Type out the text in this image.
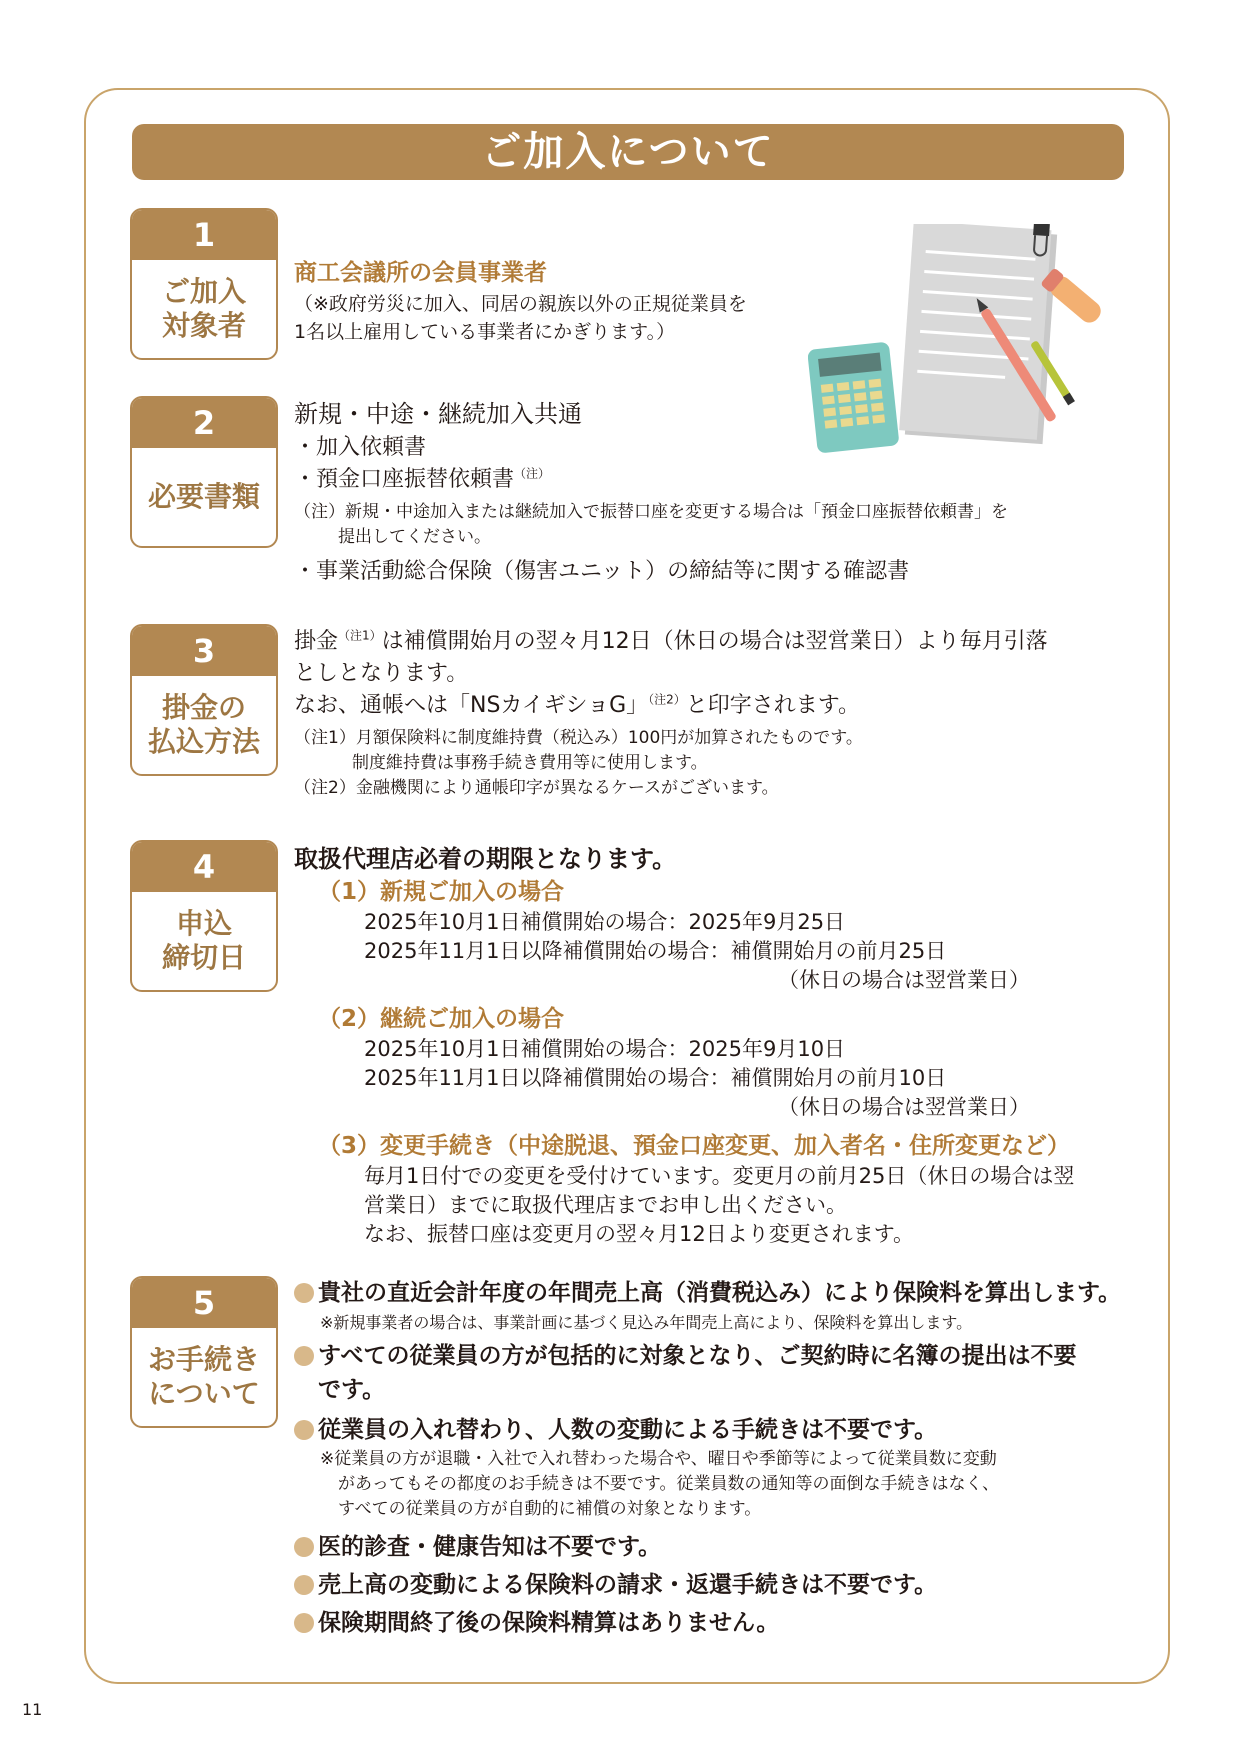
ご加入について
1
ご加入
対象者
商工会議所の会員事業者
（※政府労災に加入、同居の親族以外の正規従業員を
1名以上雇用している事業者にかぎります。）
2
必要書類
新規・中途・継続加入共通
・加入依頼書
・預金口座振替依頼書$^{(注)}$
（注）新規・中途加入または継続加入で振替口座を変更する場合は「預金口座振替依頼書」を
提出してください。
・事業活動総合保険（傷害ユニット）の締結等に関する確認書
3
掛金の
払込方法
掛金$^{(注1)}$は補償開始月の翌々月12日（休日の場合は翌営業日）より毎月引落
としとなります。
なお、通帳へは「NSカイギショG」$^{(注2)}$と印字されます。
（注1）月額保険料に制度維持費（税込み）100円が加算されたものです。
制度維持費は事務手続き費用等に使用します。
（注2）金融機関により通帳印字が異なるケースがございます。
4
申込
締切日
取扱代理店必着の期限となります。
（1）新規ご加入の場合
2025年10月1日補償開始の場合：2025年9月25日
2025年11月1日以降補償開始の場合：補償開始月の前月25日
（休日の場合は翌営業日）
（2）継続ご加入の場合
2025年10月1日補償開始の場合：2025年9月10日
2025年11月1日以降補償開始の場合：補償開始月の前月10日
（休日の場合は翌営業日）
（3）変更手続き（中途脱退、預金口座変更、加入者名・住所変更など）
毎月1日付での変更を受付けています。変更月の前月25日（休日の場合は翌
営業日）までに取扱代理店までお申し出ください。
なお、振替口座は変更月の翌々月12日より変更されます。
5
お手続き
について
貴社の直近会計年度の年間売上高（消費税込み）により保険料を算出します。
※新規事業者の場合は、事業計画に基づく見込み年間売上高により、保険料を算出します。
すべての従業員の方が包括的に対象となり、ご契約時に名簿の提出は不要
です。
従業員の入れ替わり、人数の変動による手続きは不要です。
※従業員の方が退職・入社で入れ替わった場合や、曜日や季節等によって従業員数に変動
があってもその都度のお手続きは不要です。従業員数の通知等の面倒な手続きはなく、
すべての従業員の方が自動的に補償の対象となります。
医的診査・健康告知は不要です。
売上高の変動による保険料の請求・返還手続きは不要です。
保険期間終了後の保険料精算はありません。
11
